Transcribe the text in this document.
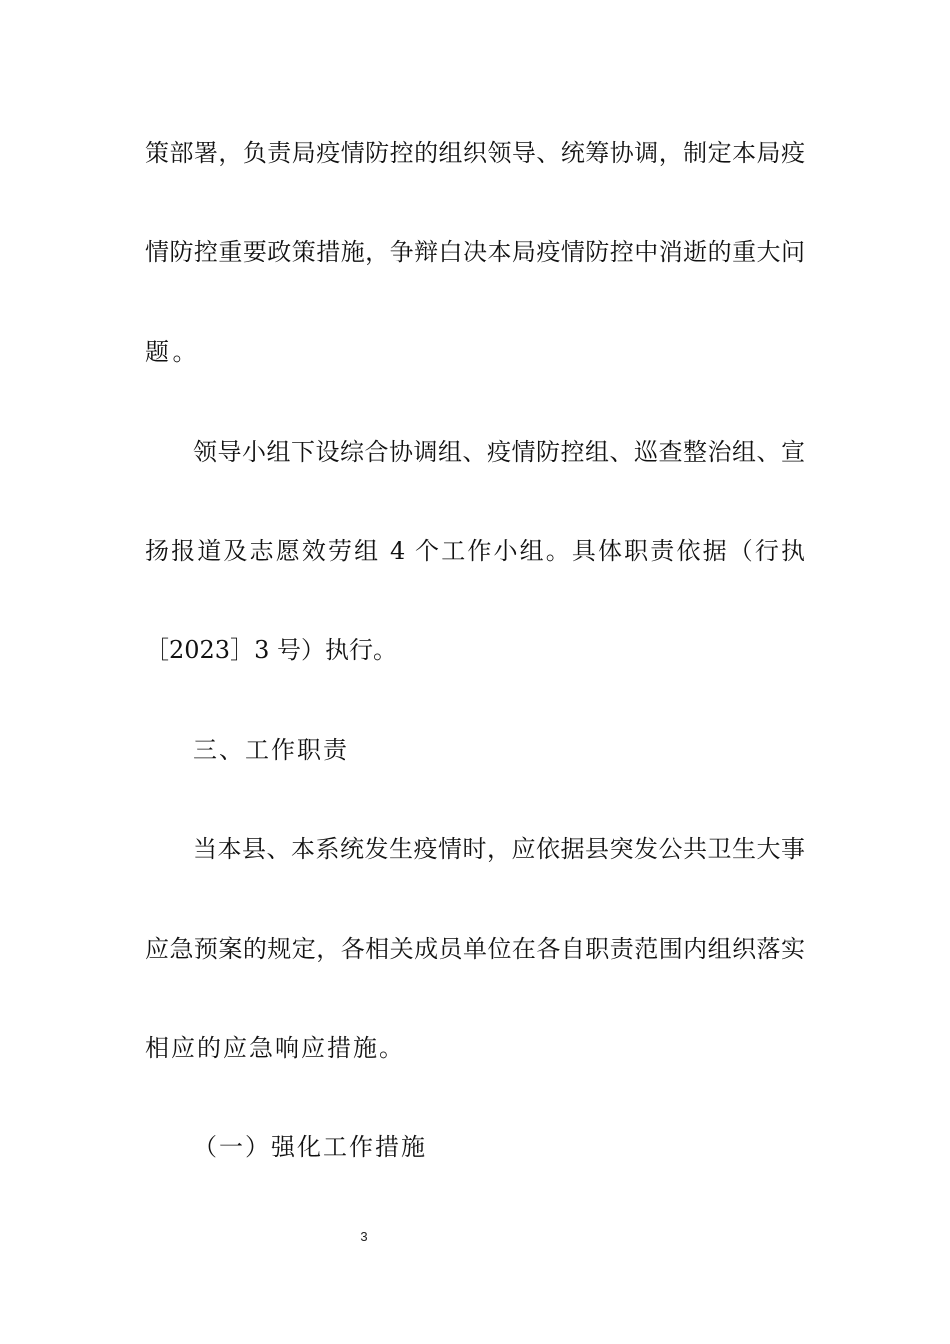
策部署，负责局疫情防控的组织领导、统筹协调，制定本局疫
情防控重要政策措施，争辩白决本局疫情防控中消逝的重大问
题。
领导小组下设综合协调组、疫情防控组、巡查整治组、宣
扬报道及志愿效劳组 4 个工作小组。具体职责依据（行执
［2023］3 号）执行。
三、工作职责
当本县、本系统发生疫情时，应依据县突发公共卫生大事
应急预案的规定，各相关成员单位在各自职责范围内组织落实
相应的应急响应措施。
（一）强化工作措施
3
